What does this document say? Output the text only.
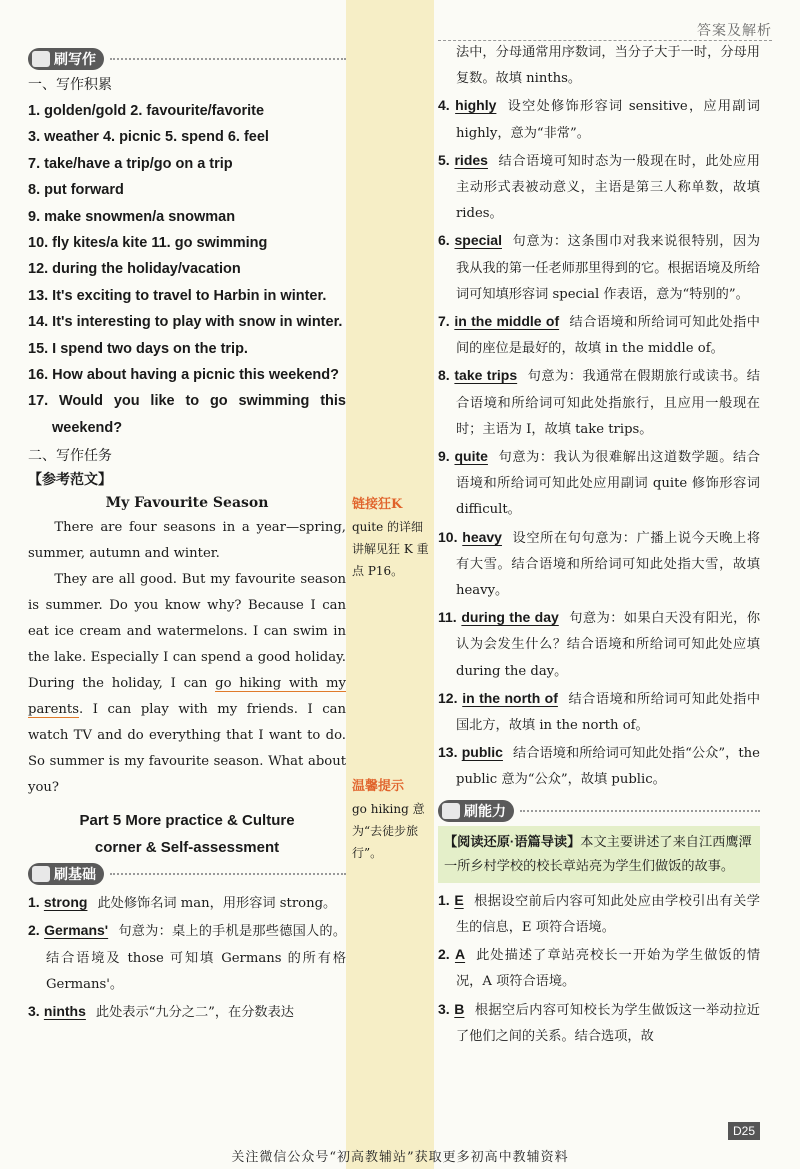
答案及解析
链接狂K
quite 的详细讲解见狂 K 重点 P16。
温馨提示
go hiking 意为“去徒步旅行”。
刷写作
一、写作积累
1. golden/gold 2. favourite/favorite
3. weather 4. picnic 5. spend 6. feel
7. take/have a trip/go on a trip
8. put forward
9. make snowmen/a snowman
10. fly kites/a kite 11. go swimming
12. during the holiday/vacation
13. It's exciting to travel to Harbin in winter.
14. It's interesting to play with snow in winter.
15. I spend two days on the trip.
16. How about having a picnic this weekend?
17. Would you like to go swimming this weekend?
二、写作任务
【参考范文】
My Favourite Season

There are four seasons in a year—spring, summer, autumn and winter.

They are all good. But my favourite season is summer. Do you know why? Because I can eat ice cream and watermelons. I can swim in the lake. Especially I can spend a good holiday. During the holiday, I can go hiking with my parents. I can play with my friends. I can watch TV and do everything that I want to do. So summer is my favourite season. What about you?

Part 5 More practice & Culture
corner & Self-assessment
刷基础
1. strong 此处修饰名词 man，用形容词 strong。
2. Germans' 句意为：桌上的手机是那些德国人的。结合语境及 those 可知填 Germans 的所有格 Germans'。
3. ninths 此处表示“九分之二”，在分数表达
法中，分母通常用序数词，当分子大于一时，分母用复数。故填 ninths。
4. highly 设空处修饰形容词 sensitive，应用副词 highly，意为“非常”。
5. rides 结合语境可知时态为一般现在时，此处应用主动形式表被动意义，主语是第三人称单数，故填 rides。
6. special 句意为：这条围巾对我来说很特别，因为我从我的第一任老师那里得到的它。根据语境及所给词可知填形容词 special 作表语，意为“特别的”。
7. in the middle of 结合语境和所给词可知此处指中间的座位是最好的，故填 in the middle of。
8. take trips 句意为：我通常在假期旅行或读书。结合语境和所给词可知此处指旅行，且应用一般现在时；主语为 I，故填 take trips。
9. quite 句意为：我认为很难解出这道数学题。结合语境和所给词可知此处应用副词 quite 修饰形容词 difficult。
10. heavy 设空所在句句意为：广播上说今天晚上将有大雪。结合语境和所给词可知此处指大雪，故填 heavy。
11. during the day 句意为：如果白天没有阳光，你认为会发生什么？结合语境和所给词可知此处应填 during the day。
12. in the north of 结合语境和所给词可知此处指中国北方，故填 in the north of。
13. public 结合语境和所给词可知此处指“公众”，the public 意为“公众”，故填 public。
刷能力
【阅读还原·语篇导读】本文主要讲述了来自江西鹰潭一所乡村学校的校长章站亮为学生们做饭的故事。
1. E 根据设空前后内容可知此处应由学校引出有关学生的信息，E 项符合语境。
2. A 此处描述了章站亮校长一开始为学生做饭的情况，A 项符合语境。
3. B 根据空后内容可知校长为学生做饭这一举动拉近了他们之间的关系。结合选项，故
D25
关注微信公众号“初高教辅站”获取更多初高中教辅资料
